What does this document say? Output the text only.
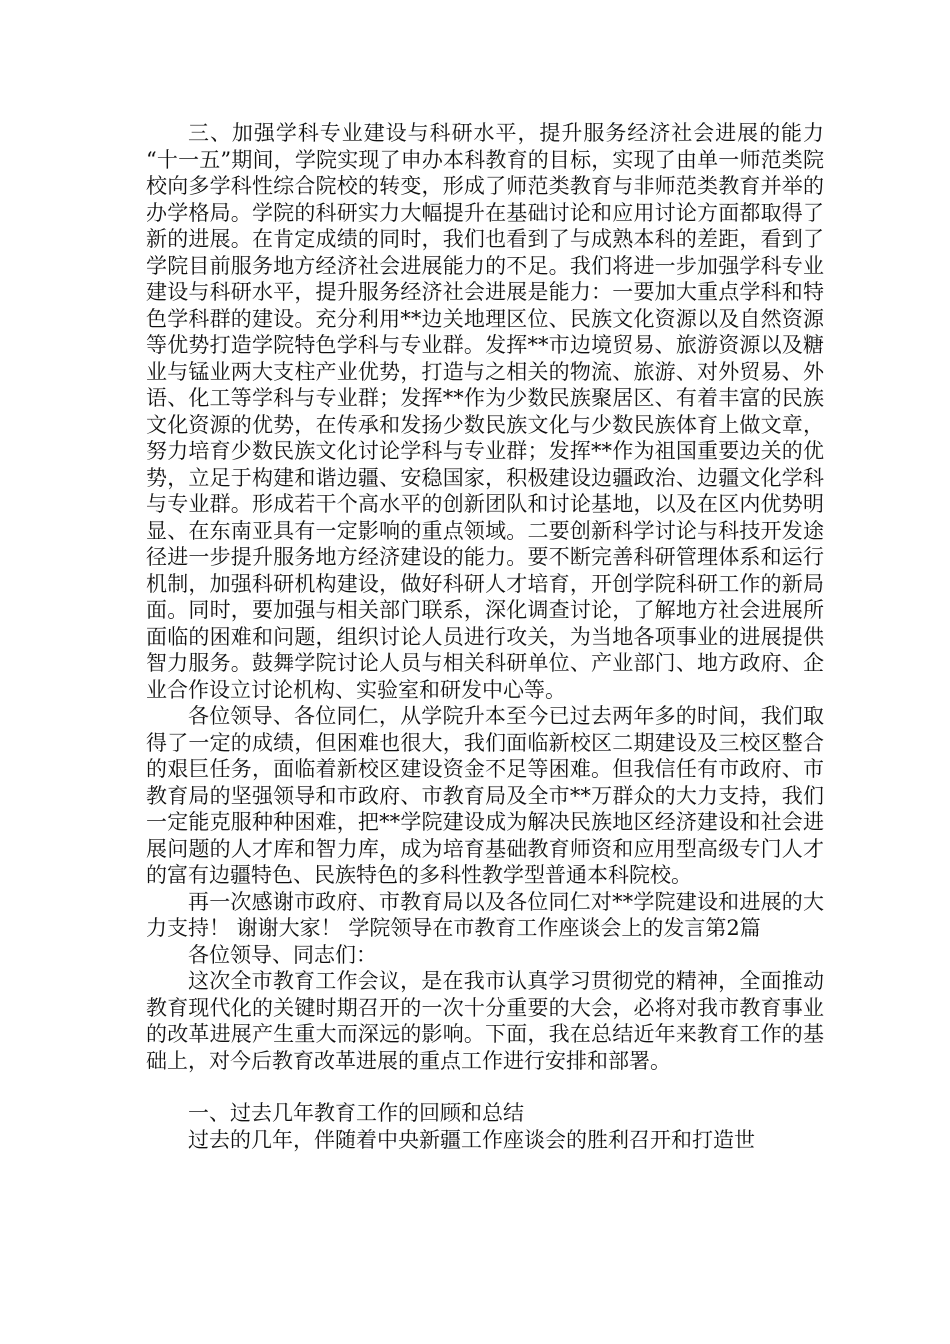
三、加强学科专业建设与科研水平，提升服务经济社会进展的能力 “十一五”期间，学院实现了申办本科教育的目标，实现了由单一师范类院校向多学科性综合院校的转变，形成了师范类教育与非师范类教育并举的办学格局。学院的科研实力大幅提升在基础讨论和应用讨论方面都取得了新的进展。在肯定成绩的同时，我们也看到了与成熟本科的差距，看到了学院目前服务地方经济社会进展能力的不足。我们将进一步加强学科专业建设与科研水平，提升服务经济社会进展是能力：一要加大重点学科和特色学科群的建设。充分利用**边关地理区位、民族文化资源以及自然资源等优势打造学院特色学科与专业群。发挥**市边境贸易、旅游资源以及糖业与锰业两大支柱产业优势，打造与之相关的物流、旅游、对外贸易、外语、化工等学科与专业群；发挥**作为少数民族聚居区、有着丰富的民族文化资源的优势，在传承和发扬少数民族文化与少数民族体育上做文章，努力培育少数民族文化讨论学科与专业群；发挥**作为祖国重要边关的优势，立足于构建和谐边疆、安稳国家，积极建设边疆政治、边疆文化学科与专业群。形成若干个高水平的创新团队和讨论基地，以及在区内优势明显、在东南亚具有一定影响的重点领域。二要创新科学讨论与科技开发途径进一步提升服务地方经济建设的能力。要不断完善科研管理体系和运行机制，加强科研机构建设，做好科研人才培育，开创学院科研工作的新局面。同时，要加强与相关部门联系，深化调查讨论，了解地方社会进展所面临的困难和问题，组织讨论人员进行攻关，为当地各项事业的进展提供智力服务。鼓舞学院讨论人员与相关科研单位、产业部门、地方政府、企业合作设立讨论机构、实验室和研发中心等。

各位领导、各位同仁，从学院升本至今已过去两年多的时间，我们取得了一定的成绩，但困难也很大，我们面临新校区二期建设及三校区整合的艰巨任务，面临着新校区建设资金不足等困难。但我信任有市政府、市教育局的坚强领导和市政府、市教育局及全市**万群众的大力支持，我们一定能克服种种困难，把**学院建设成为解决民族地区经济建设和社会进展问题的人才库和智力库，成为培育基础教育师资和应用型高级专门人才的富有边疆特色、民族特色的多科性教学型普通本科院校。

再一次感谢市政府、市教育局以及各位同仁对**学院建设和进展的大力支持！ 谢谢大家！ 学院领导在市教育工作座谈会上的发言第2篇

各位领导、同志们：

这次全市教育工作会议，是在我市认真学习贯彻党的精神，全面推动教育现代化的关键时期召开的一次十分重要的大会，必将对我市教育事业的改革进展产生重大而深远的影响。下面，我在总结近年来教育工作的基础上，对今后教育改革进展的重点工作进行安排和部署。

一、过去几年教育工作的回顾和总结

过去的几年，伴随着中央新疆工作座谈会的胜利召开和打造世
